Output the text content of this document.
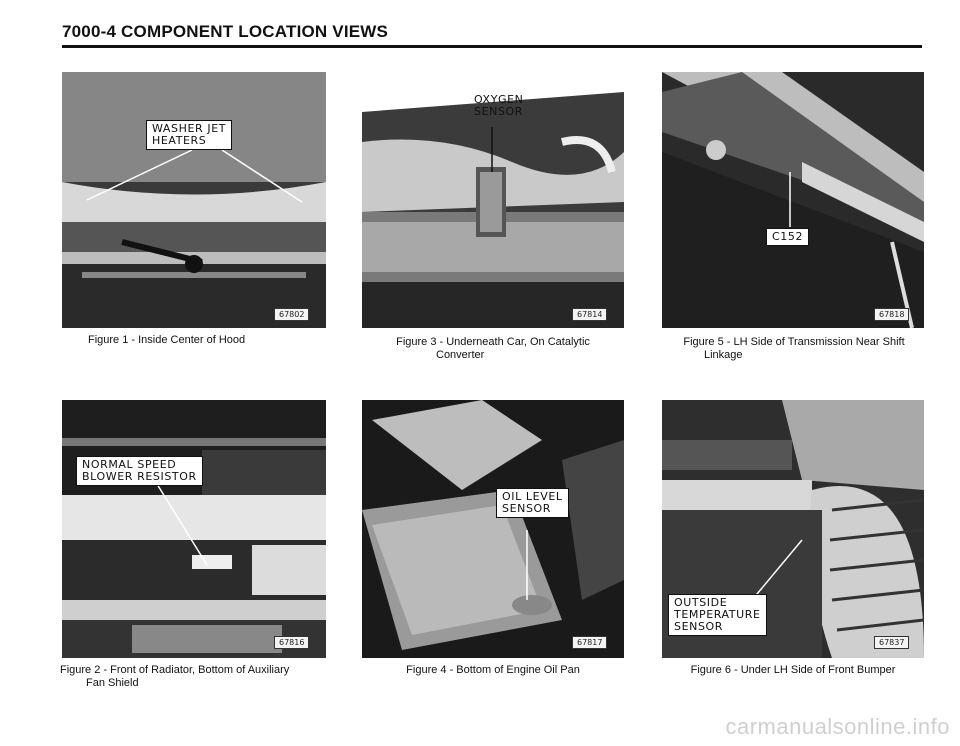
7000-4 COMPONENT LOCATION VIEWS
WASHER JET
HEATERS
67802
Figure 1 - Inside Center of Hood
NORMAL SPEED
BLOWER RESISTOR
67816
Figure 2 - Front of Radiator, Bottom of Auxiliary
Fan Shield
OXYGEN
SENSOR
67814
Figure 3 - Underneath Car, On Catalytic
Converter
OIL LEVEL
SENSOR
67817
Figure 4 - Bottom of Engine Oil Pan
C152
67818
Figure 5 - LH Side of Transmission Near Shift
Linkage
OUTSIDE
TEMPERATURE
SENSOR
67837
Figure 6 - Under LH Side of Front Bumper
carmanualsonline.info
